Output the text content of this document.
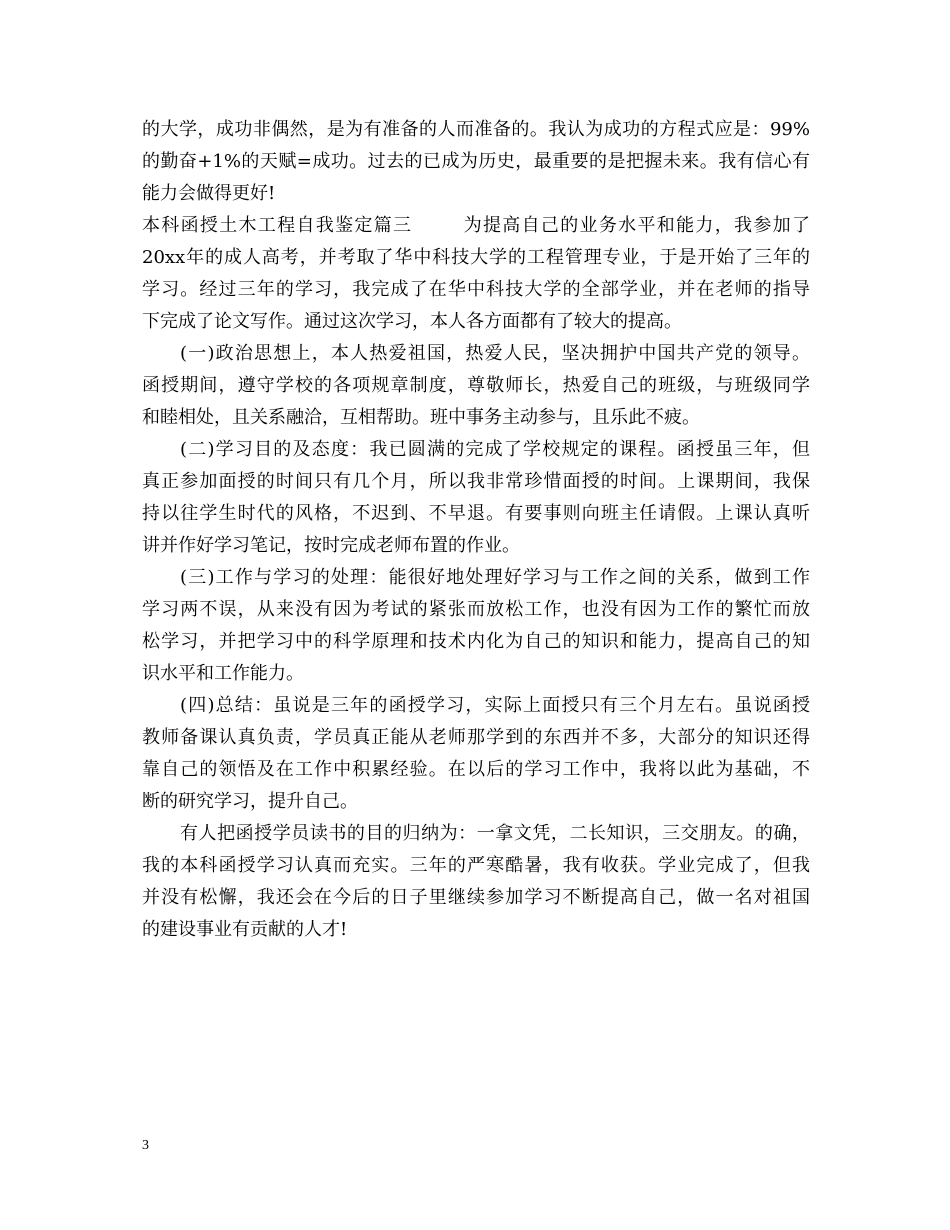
的大学，成功非偶然，是为有准备的人而准备的。我认为成功的方程式应是：99%
的勤奋+1%的天赋=成功。过去的已成为历史，最重要的是把握未来。我有信心有
能力会做得更好!
本科函授土木工程自我鉴定篇三	为提高自己的业务水平和能力，我参加了
20xx年的成人高考，并考取了华中科技大学的工程管理专业，于是开始了三年的
学习。经过三年的学习，我完成了在华中科技大学的全部学业，并在老师的指导
下完成了论文写作。通过这次学习，本人各方面都有了较大的提高。
(一)政治思想上，本人热爱祖国，热爱人民，坚决拥护中国共产党的领导。
函授期间，遵守学校的各项规章制度，尊敬师长，热爱自己的班级，与班级同学
和睦相处，且关系融洽，互相帮助。班中事务主动参与，且乐此不疲。
(二)学习目的及态度：我已圆满的完成了学校规定的课程。函授虽三年，但
真正参加面授的时间只有几个月，所以我非常珍惜面授的时间。上课期间，我保
持以往学生时代的风格，不迟到、不早退。有要事则向班主任请假。上课认真听
讲并作好学习笔记，按时完成老师布置的作业。
(三)工作与学习的处理：能很好地处理好学习与工作之间的关系，做到工作
学习两不误，从来没有因为考试的紧张而放松工作，也没有因为工作的繁忙而放
松学习，并把学习中的科学原理和技术内化为自己的知识和能力，提高自己的知
识水平和工作能力。
(四)总结：虽说是三年的函授学习，实际上面授只有三个月左右。虽说函授
教师备课认真负责，学员真正能从老师那学到的东西并不多，大部分的知识还得
靠自己的领悟及在工作中积累经验。在以后的学习工作中，我将以此为基础，不
断的研究学习，提升自己。
有人把函授学员读书的目的归纳为：一拿文凭，二长知识，三交朋友。的确，
我的本科函授学习认真而充实。三年的严寒酷暑，我有收获。学业完成了，但我
并没有松懈，我还会在今后的日子里继续参加学习不断提高自己，做一名对祖国
的建设事业有贡献的人才!
3
